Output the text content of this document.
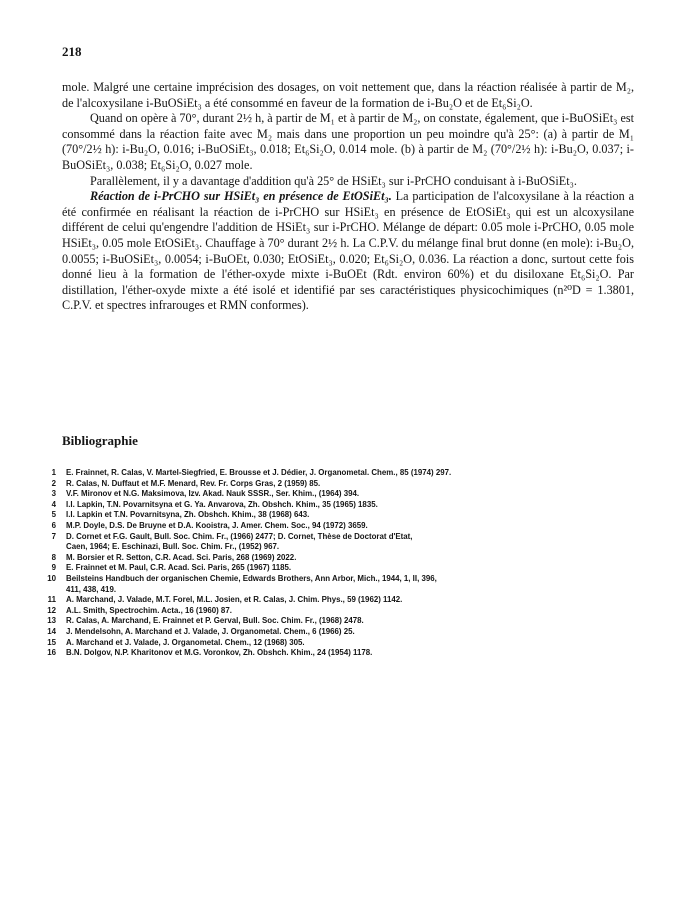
218

mole. Malgré une certaine imprécision des dosages, on voit nettement que, dans la réaction réalisée à partir de M₂, de l'alcoxysilane i-BuOSiEt₃ a été consommé en faveur de la formation de i-Bu₂O et de Et₆Si₂O.

Quand on opère à 70°, durant 2½ h, à partir de M₁ et à partir de M₂, on constate, également, que i-BuOSiEt₃ est consommé dans la réaction faite avec M₂ mais dans une proportion un peu moindre qu'à 25°: (a) à partir de M₁ (70°/2½ h): i-Bu₂O, 0.016; i-BuOSiEt₃, 0.018; Et₆Si₂O, 0.014 mole. (b) à partir de M₂ (70°/2½ h): i-Bu₂O, 0.037; i-BuOSiEt₃, 0.038; Et₆Si₂O, 0.027 mole.

Parallèlement, il y a davantage d'addition qu'à 25° de HSiEt₃ sur i-PrCHO conduisant à i-BuOSiEt₃.

Réaction de i-PrCHO sur HSiEt₃ en présence de EtOSiEt₃. La participation de l'alcoxysilane à la réaction a été confirmée en réalisant la réaction de i-PrCHO sur HSiEt₃ en présence de EtOSiEt₃ qui est un alcoxysilane différent de celui qu'engendre l'addition de HSiEt₃ sur i-PrCHO. Mélange de départ: 0.05 mole i-PrCHO, 0.05 mole HSiEt₃, 0.05 mole EtOSiEt₃. Chauffage à 70° durant 2½ h. La C.P.V. du mélange final brut donne (en mole): i-Bu₂O, 0.0055; i-BuOSiEt₃, 0.0054; i-BuOEt, 0.030; EtOSiEt₃, 0.020; Et₆Si₂O, 0.036. La réaction a donc, surtout cette fois donné lieu à la formation de l'éther-oxyde mixte i-BuOEt (Rdt. environ 60%) et du disiloxane Et₆Si₂O. Par distillation, l'éther-oxyde mixte a été isolé et identifié par ses caractéristiques physicochimiques (n²⁰D = 1.3801, C.P.V. et spectres infrarouges et RMN conformes).

Bibliographie
1	E. Frainnet, R. Calas, V. Martel-Siegfried, E. Brousse et J. Dédier, J. Organometal. Chem., 85 (1974) 297.
2	R. Calas, N. Duffaut et M.F. Menard, Rev. Fr. Corps Gras, 2 (1959) 85.
3	V.F. Mironov et N.G. Maksimova, Izv. Akad. Nauk SSSR., Ser. Khim., (1964) 394.
4	I.I. Lapkin, T.N. Povarnitsyna et G. Ya. Anvarova, Zh. Obshch. Khim., 35 (1965) 1835.
5	I.I. Lapkin et T.N. Povarnitsyna, Zh. Obshch. Khim., 38 (1968) 643.
6	M.P. Doyle, D.S. De Bruyne et D.A. Kooistra, J. Amer. Chem. Soc., 94 (1972) 3659.
7	D. Cornet et F.G. Gault, Bull. Soc. Chim. Fr., (1966) 2477; D. Cornet, Thèse de Doctorat d'Etat,
Caen, 1964; E. Eschinazi, Bull. Soc. Chim. Fr., (1952) 967.
8	M. Borsier et R. Setton, C.R. Acad. Sci. Paris, 268 (1969) 2022.
9	E. Frainnet et M. Paul, C.R. Acad. Sci. Paris, 265 (1967) 1185.
10	Beilsteins Handbuch der organischen Chemie, Edwards Brothers, Ann Arbor, Mich., 1944, 1, II, 396,
411, 438, 419.
11	A. Marchand, J. Valade, M.T. Forel, M.L. Josien, et R. Calas, J. Chim. Phys., 59 (1962) 1142.
12	A.L. Smith, Spectrochim. Acta., 16 (1960) 87.
13	R. Calas, A. Marchand, E. Frainnet et P. Gerval, Bull. Soc. Chim. Fr., (1968) 2478.
14	J. Mendelsohn, A. Marchand et J. Valade, J. Organometal. Chem., 6 (1966) 25.
15	A. Marchand et J. Valade, J. Organometal. Chem., 12 (1968) 305.
16	B.N. Dolgov, N.P. Kharitonov et M.G. Voronkov, Zh. Obshch. Khim., 24 (1954) 1178.
